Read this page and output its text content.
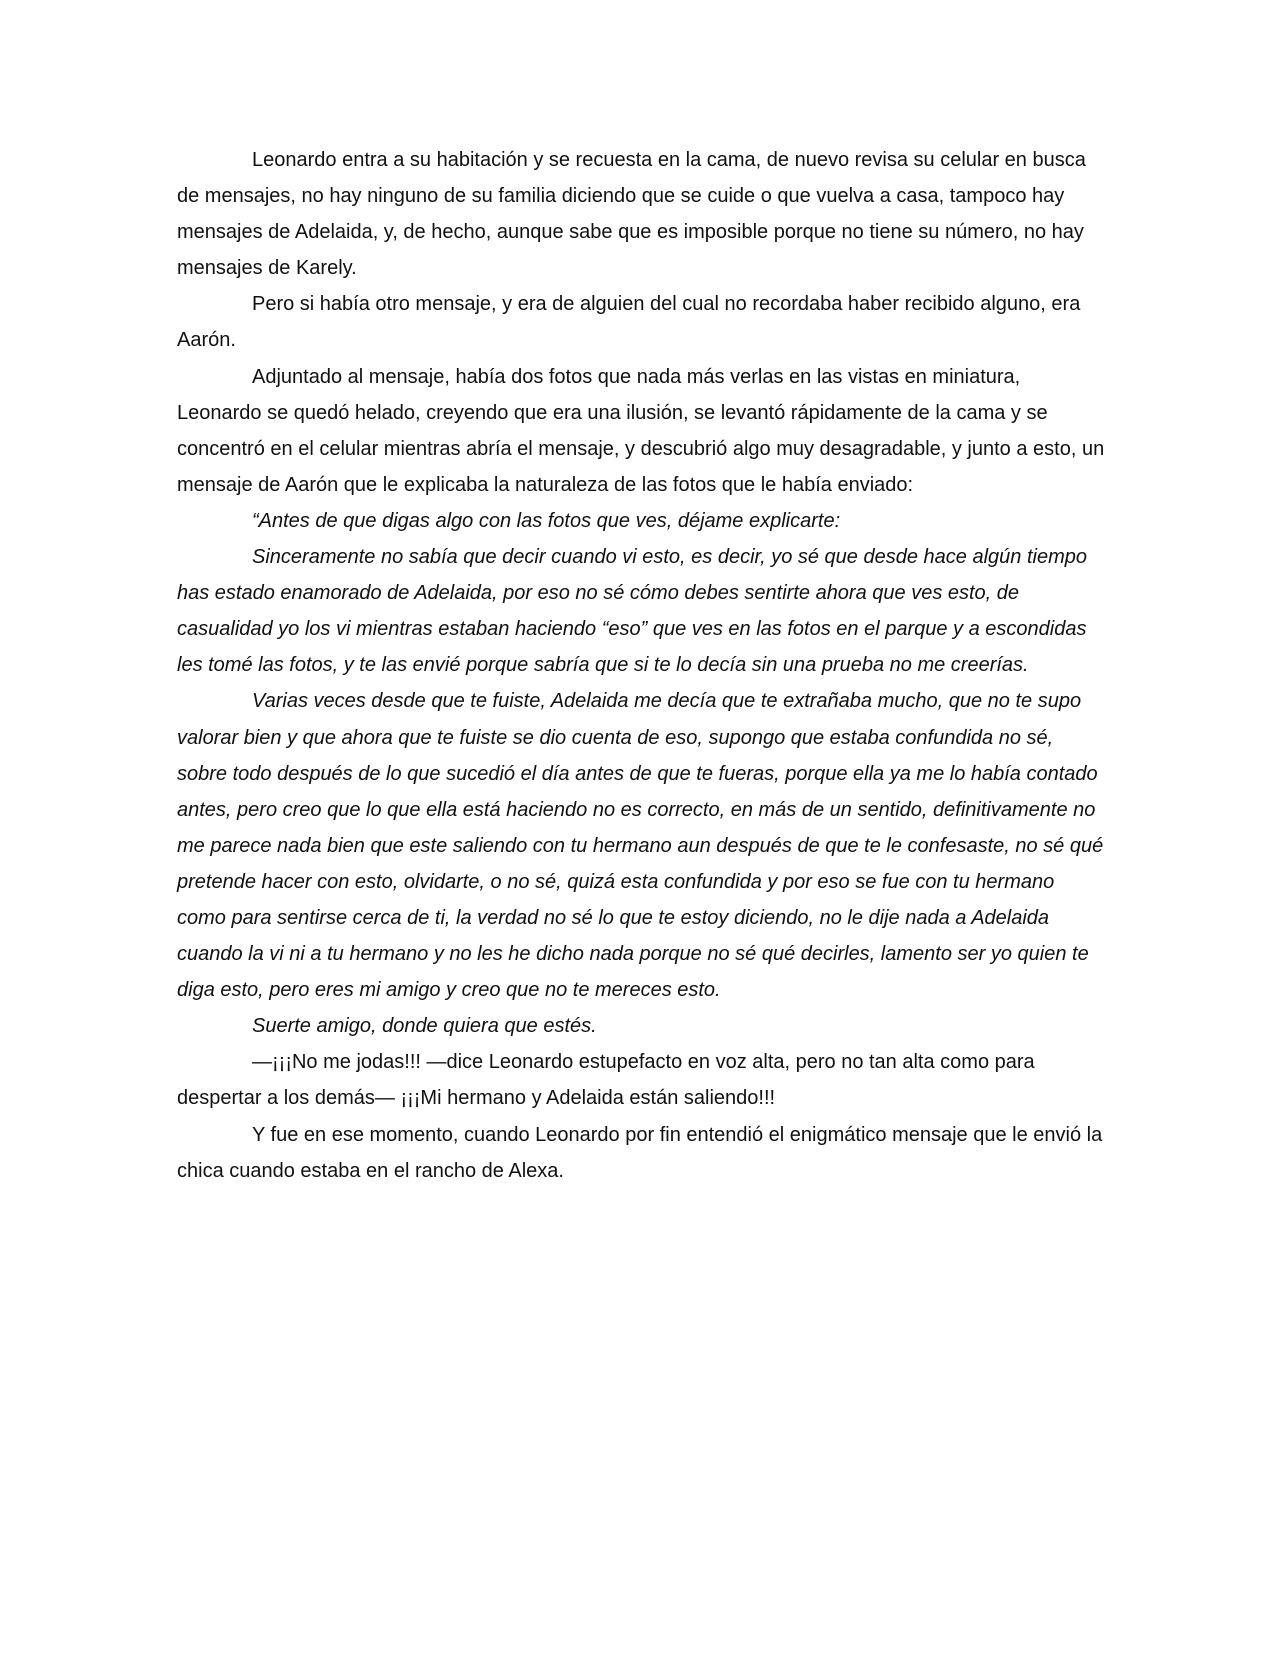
Leonardo entra a su habitación y se recuesta en la cama, de nuevo revisa su celular en busca de mensajes, no hay ninguno de su familia diciendo que se cuide o que vuelva a casa, tampoco hay mensajes de Adelaida, y, de hecho, aunque sabe que es imposible porque no tiene su número, no hay mensajes de Karely.

Pero si había otro mensaje, y era de alguien del cual no recordaba haber recibido alguno, era Aarón.

Adjuntado al mensaje, había dos fotos que nada más verlas en las vistas en miniatura, Leonardo se quedó helado, creyendo que era una ilusión, se levantó rápidamente de la cama y se concentró en el celular mientras abría el mensaje, y descubrió algo muy desagradable, y junto a esto, un mensaje de Aarón que le explicaba la naturaleza de las fotos que le había enviado:

“Antes de que digas algo con las fotos que ves, déjame explicarte:

Sinceramente no sabía que decir cuando vi esto, es decir, yo sé que desde hace algún tiempo has estado enamorado de Adelaida, por eso no sé cómo debes sentirte ahora que ves esto, de casualidad yo los vi mientras estaban haciendo “eso” que ves en las fotos en el parque y a escondidas les tomé las fotos, y te las envié porque sabría que si te lo decía sin una prueba no me creerías.

Varias veces desde que te fuiste, Adelaida me decía que te extrañaba mucho, que no te supo valorar bien y que ahora que te fuiste se dio cuenta de eso, supongo que estaba confundida no sé, sobre todo después de lo que sucedió el día antes de que te fueras, porque ella ya me lo había contado antes, pero creo que lo que ella está haciendo no es correcto, en más de un sentido, definitivamente no me parece nada bien que este saliendo con tu hermano aun después de que te le confesaste, no sé qué pretende hacer con esto, olvidarte, o no sé, quizá esta confundida y por eso se fue con tu hermano como para sentirse cerca de ti, la verdad no sé lo que te estoy diciendo, no le dije nada a Adelaida cuando la vi ni a tu hermano y no les he dicho nada porque no sé qué decirles, lamento ser yo quien te diga esto, pero eres mi amigo y creo que no te mereces esto.

Suerte amigo, donde quiera que estés.

—¡¡¡No me jodas!!! —dice Leonardo estupefacto en voz alta, pero no tan alta como para despertar a los demás— ¡¡¡Mi hermano y Adelaida están saliendo!!!

Y fue en ese momento, cuando Leonardo por fin entendió el enigmático mensaje que le envió la chica cuando estaba en el rancho de Alexa.
